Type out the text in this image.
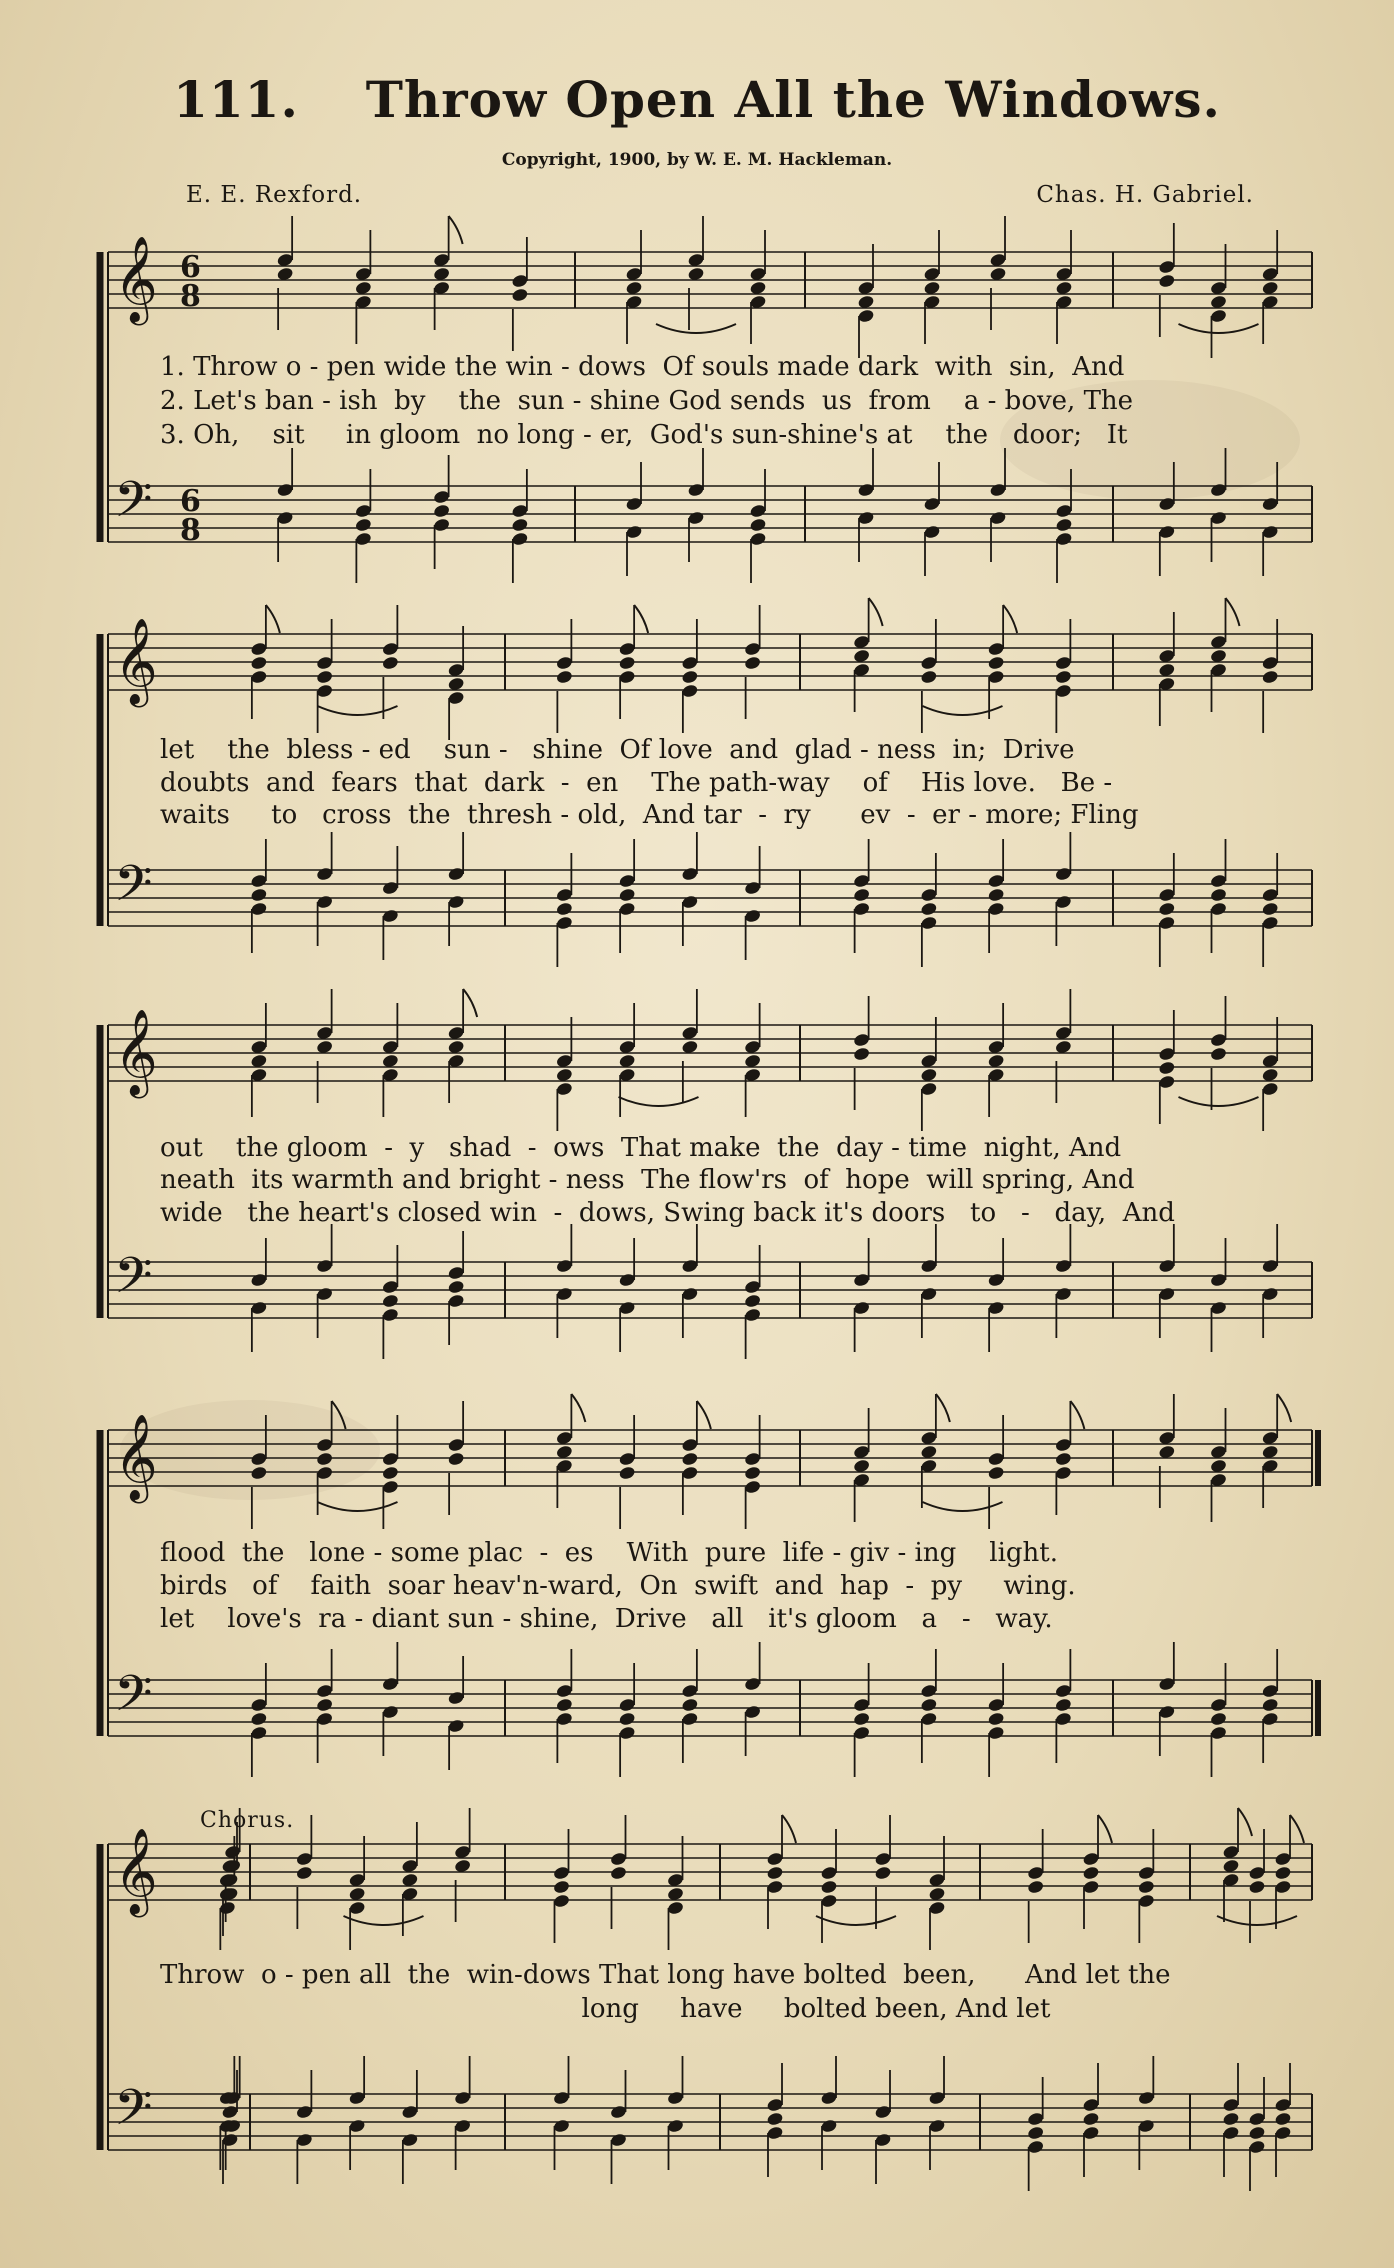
111. Throw Open All the Windows.
Copyright, 1900, by W. E. M. Hackleman.
E. E. Rexford.	Chas. H. Gabriel.
1. Throw o - pen wide the win - dows  Of souls made dark  with  sin,  And
2. Let's ban - ish  by    the  sun - shine God sends  us  from    a - bove, The
3. Oh,    sit     in gloom  no long - er,  God's sun-shine's at    the   door;   It
let    the  bless - ed    sun -   shine  Of love  and  glad - ness  in;  Drive
doubts  and  fears  that  dark  -  en    The path-way    of    His love.   Be -
waits     to   cross  the  thresh - old,  And tar  -  ry      ev  -  er - more; Fling
out    the gloom  -  y   shad  -  ows  That make  the  day - time  night, And
neath  its warmth and bright - ness  The flow'rs  of  hope  will spring, And
wide   the heart's closed win  -  dows, Swing back it's doors   to   -   day,  And
flood  the   lone - some plac  -  es    With  pure  life - giv - ing    light.
birds   of    faith  soar heav'n-ward,  On  swift  and  hap  -  py     wing.
let    love's  ra - diant sun - shine,  Drive   all   it's gloom   a   -   way.
Chorus.
Throw  o - pen all  the  win-dows That long have bolted  been,      And let the
long     have     bolted been, And let
𝄞 6
8
𝄢 6
8
𝄞
𝄢
𝄞
𝄢
𝄞
𝄢
𝄞
𝄢
